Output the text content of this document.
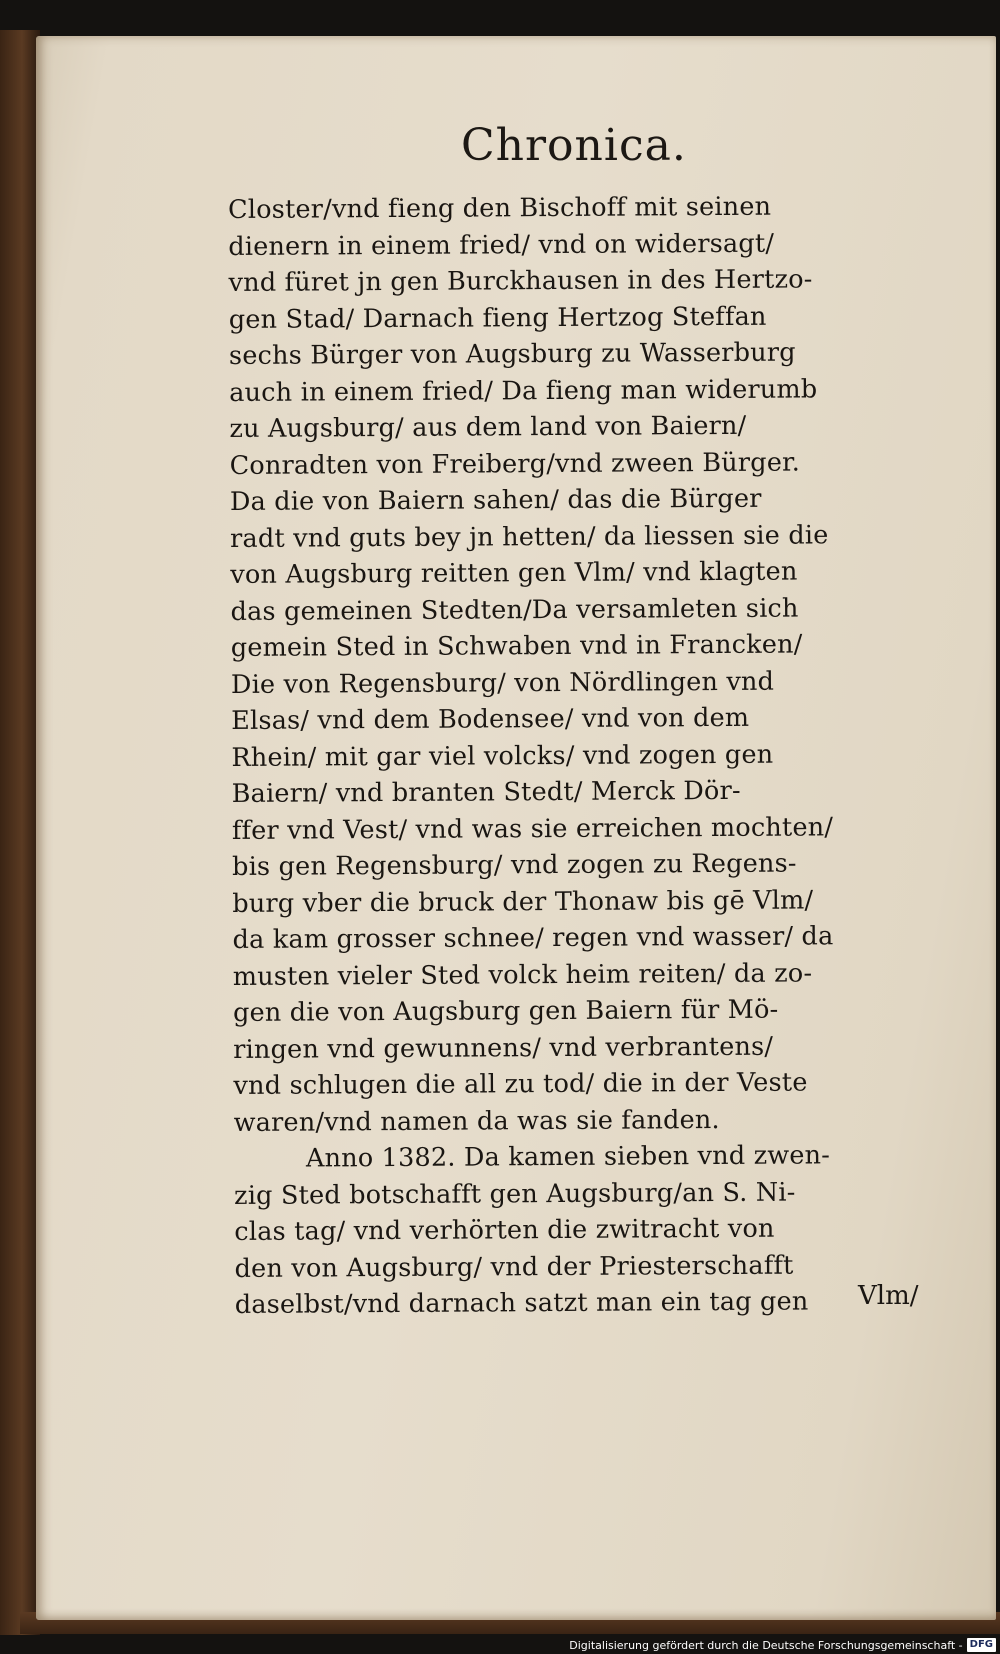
Chronica.
Closter/vnd fieng den Bischoff mit seinen
dienern in einem fried/ vnd on widersagt/
vnd füret jn gen Burckhausen in des Hertzo-
gen Stad/ Darnach fieng Hertzog Steffan
sechs Bürger von Augsburg zu Wasserburg
auch in einem fried/ Da fieng man widerumb
zu Augsburg/ aus dem land von Baiern/
Conradten von Freiberg/vnd zween Bürger.
Da die von Baiern sahen/ das die Bürger
radt vnd guts bey jn hetten/ da liessen sie die
von Augsburg reitten gen Vlm/ vnd klagten
das gemeinen Stedten/Da versamleten sich
gemein Sted in Schwaben vnd in Francken/
Die von Regensburg/ von Nördlingen vnd
Elsas/ vnd dem Bodensee/ vnd von dem
Rhein/ mit gar viel volcks/ vnd zogen gen
Baiern/ vnd branten Stedt/ Merck Dör-
ffer vnd Vest/ vnd was sie erreichen mochten/
bis gen Regensburg/ vnd zogen zu Regens-
burg vber die bruck der Thonaw bis gē Vlm/
da kam grosser schnee/ regen vnd wasser/ da
musten vieler Sted volck heim reiten/ da zo-
gen die von Augsburg gen Baiern für Mö-
ringen vnd gewunnens/ vnd verbrantens/
vnd schlugen die all zu tod/ die in der Veste
waren/vnd namen da was sie fanden.
Anno 1382. Da kamen sieben vnd zwen-
zig Sted botschafft gen Augsburg/an S. Ni-
clas tag/ vnd verhörten die zwitracht von
den von Augsburg/ vnd der Priesterschafft
daselbst/vnd darnach satzt man ein tag gen	Vlm/
Digitalisierung gefördert durch die Deutsche Forschungsgemeinschaft - DFG
